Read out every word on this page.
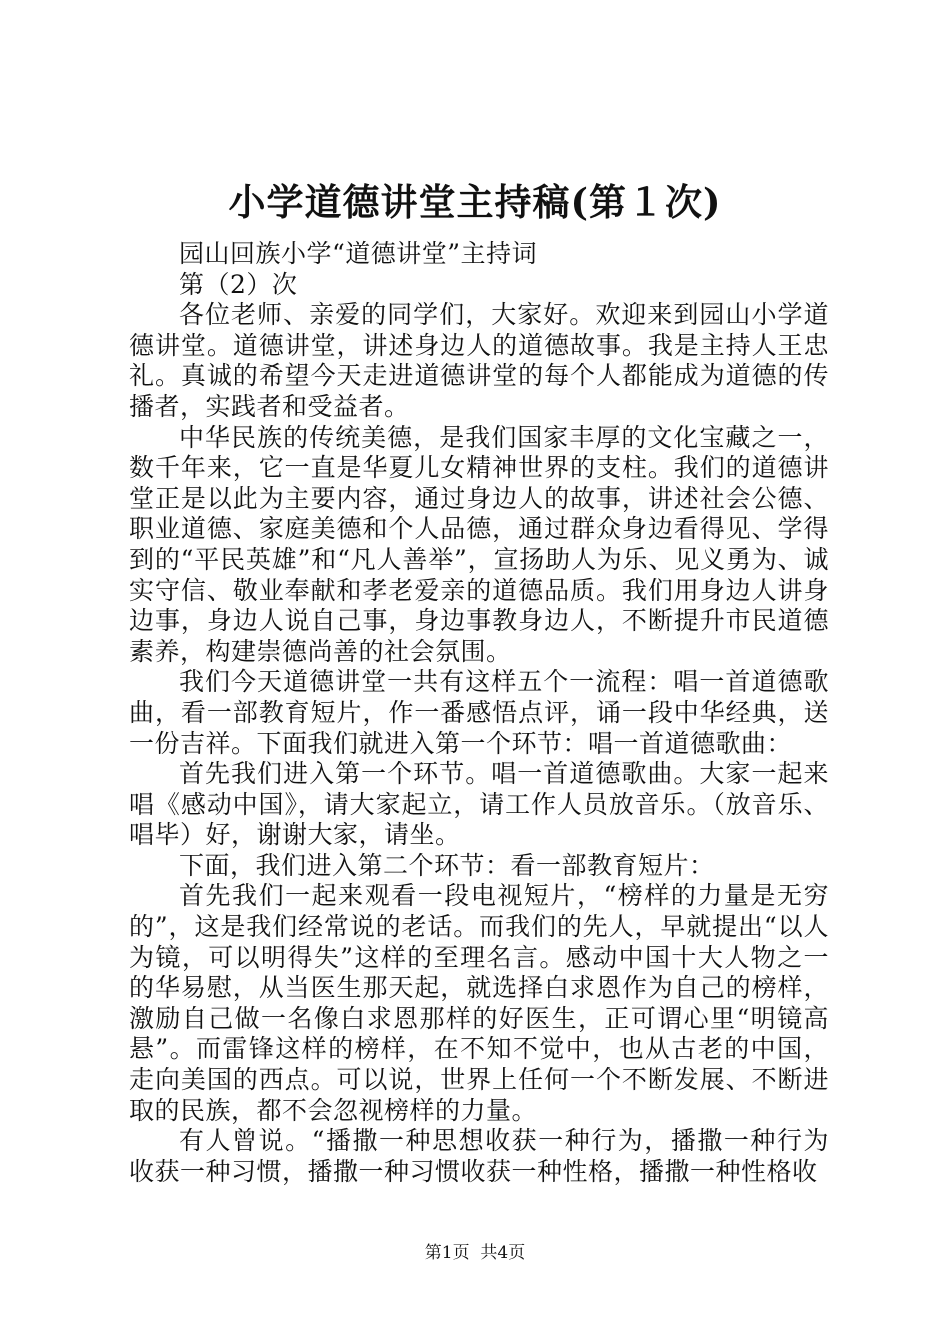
小学道德讲堂主持稿(第１次)

园山回族小学“道德讲堂”主持词

第（2）次

各位老师、亲爱的同学们，大家好。欢迎来到园山小学道德讲堂。道德讲堂，讲述身边人的道德故事。我是主持人王忠礼。真诚的希望今天走进道德讲堂的每个人都能成为道德的传播者，实践者和受益者。

中华民族的传统美德，是我们国家丰厚的文化宝藏之一，数千年来，它一直是华夏儿女精神世界的支柱。我们的道德讲堂正是以此为主要内容，通过身边人的故事，讲述社会公德、职业道德、家庭美德和个人品德，通过群众身边看得见、学得到的“平民英雄”和“凡人善举”，宣扬助人为乐、见义勇为、诚实守信、敬业奉献和孝老爱亲的道德品质。我们用身边人讲身边事，身边人说自己事，身边事教身边人，不断提升市民道德素养，构建崇德尚善的社会氛围。

我们今天道德讲堂一共有这样五个一流程：唱一首道德歌曲，看一部教育短片，作一番感悟点评，诵一段中华经典，送一份吉祥。下面我们就进入第一个环节：唱一首道德歌曲：

首先我们进入第一个环节。唱一首道德歌曲。大家一起来唱《感动中国》，请大家起立，请工作人员放音乐。（放音乐、唱毕）好，谢谢大家，请坐。

下面，我们进入第二个环节：看一部教育短片：

首先我们一起来观看一段电视短片，“榜样的力量是无穷的”，这是我们经常说的老话。而我们的先人，早就提出“以人为镜，可以明得失”这样的至理名言。感动中国十大人物之一的华易慰，从当医生那天起，就选择白求恩作为自己的榜样，激励自己做一名像白求恩那样的好医生，正可谓心里“明镜高悬”。而雷锋这样的榜样，在不知不觉中，也从古老的中国，走向美国的西点。可以说，世界上任何一个不断发展、不断进取的民族，都不会忽视榜样的力量。

有人曾说。“播撒一种思想收获一种行为，播撒一种行为收获一种习惯，播撒一种习惯收获一种性格，播撒一种性格收

第1页 共4页
